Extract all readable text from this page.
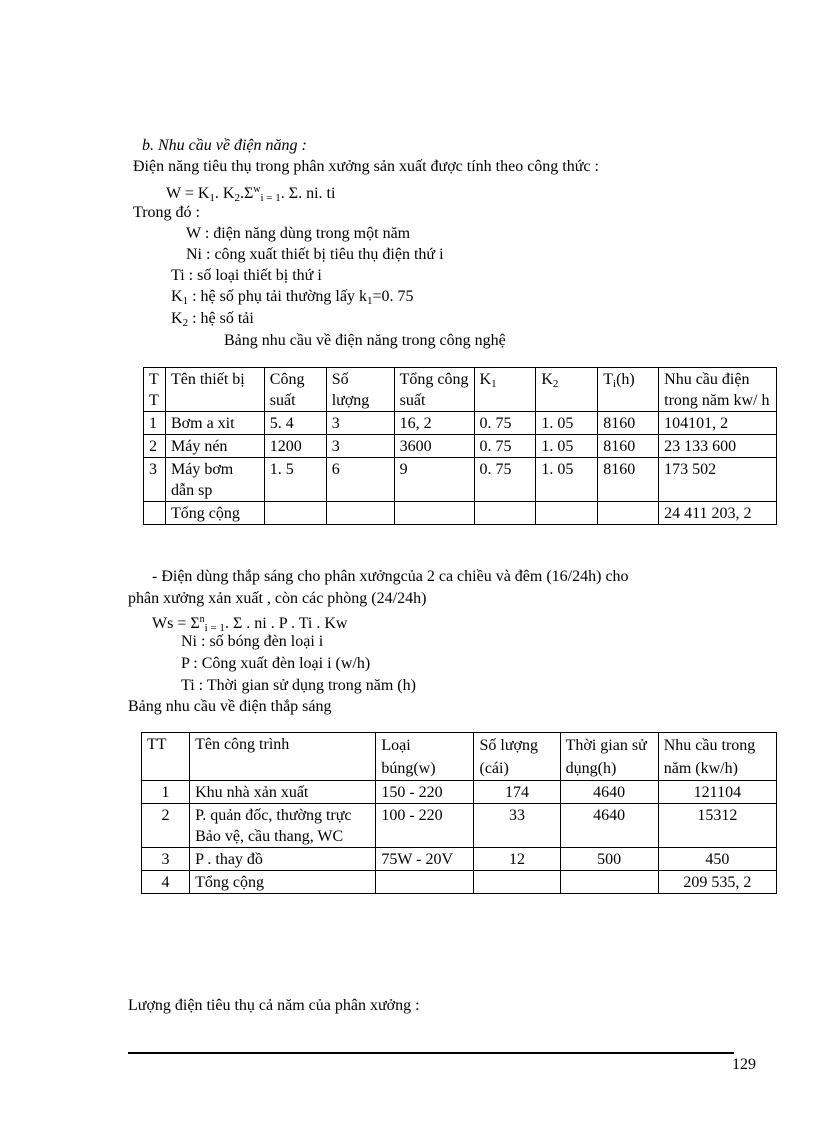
b. Nhu cầu về điện năng :
Điện năng tiêu thụ trong phân xưởng sản xuất được tính theo công thức :
$W = K_1$. $K_2.\Sigma^w_{i = 1}$. Σ. ni. ti
Trong đó :
W : điện năng dùng trong một năm
Ni : công xuất thiết bị tiêu thụ điện thứ i
Ti : số loại thiết bị thứ i
$K_1$ : hệ số phụ tải thường lấy $k_1=0$. 75
$K_2$ : hệ số tải
Bảng nhu cầu về điện năng trong công nghệ
T T	Tên thiết bị	Công suất	Số lượng	Tổng công suất	$K_1$	$K_2$	$T_i(h)$	Nhu cầu điện trong năm kw/ h
1	Bơm a xit	5. 4	3	16, 2	0. 75	1. 05	8160	104101, 2
2	Máy nén	1200	3	3600	0. 75	1. 05	8160	23 133 600
3	Máy bơm dẫn sp	1. 5	6	9	0. 75	1. 05	8160	173 502
	Tổng cộng							24 411 203, 2
- Điện dùng thắp sáng cho phân xưởngcủa 2 ca chiều và đêm (16/24h) cho
phân xưởng xản xuất , còn các phòng (24/24h)
$Ws = \Sigma^n_{i = 1}$. Σ . ni . P . Ti . Kw
Ni : số bóng đèn loại i
P : Công xuất đèn loại i (w/h)
Ti : Thời gian sử dụng trong năm (h)
Bảng nhu cầu về điện thắp sáng
TT	Tên công trình	Loại búng(w)	Số lượng (cái)	Thời gian sử dụng(h)	Nhu cầu trong năm (kw/h)
1	Khu nhà xản xuất	150 - 220	174	4640	121104
2	P. quản đốc, thường trực
Bảo vệ, cầu thang, WC	100 - 220	33	4640	15312
3	P . thay đồ	75W - 20V	12	500	450
4	Tổng cộng				209 535, 2
Lượng điện tiêu thụ cả năm của phân xưởng :
129
